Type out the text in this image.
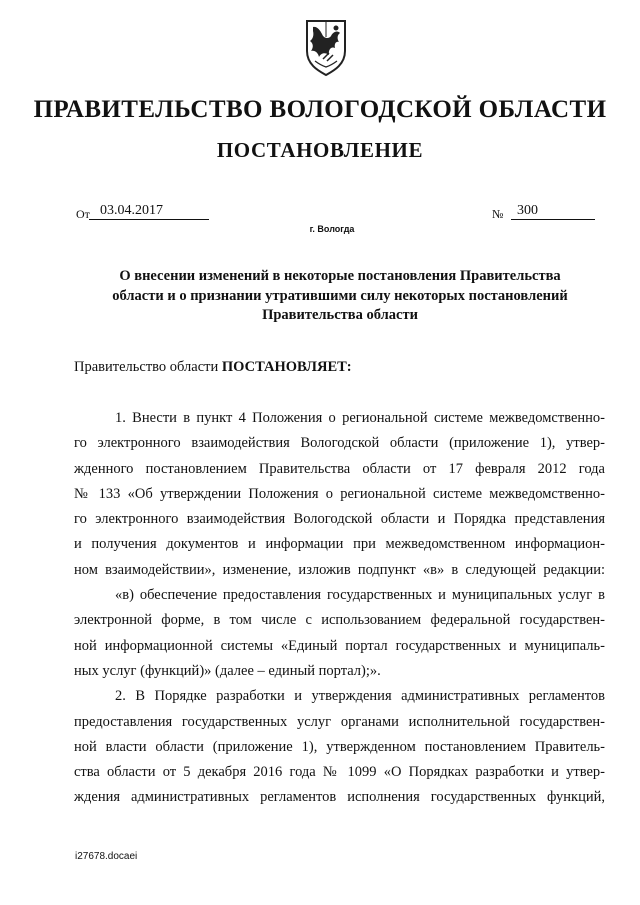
ПРАВИТЕЛЬСТВО ВОЛОГОДСКОЙ ОБЛАСТИ
ПОСТАНОВЛЕНИЕ
От 03.04.2017	№ 300
г. Вологда
О внесении изменений в некоторые постановления Правительства
области и о признании утратившими силу некоторых постановлений
Правительства области
Правительство области ПОСТАНОВЛЯЕТ:
1. Внести в пункт 4 Положения о региональной системе межведомственно-
го электронного взаимодействия Вологодской области (приложение 1), утвер-
жденного постановлением Правительства области от 17 февраля 2012 года
№ 133 «Об утверждении Положения о региональной системе межведомственно-
го электронного взаимодействия Вологодской области и Порядка представления
и получения документов и информации при межведомственном информацион-
ном взаимодействии», изменение, изложив подпункт «в» в следующей редакции:
«в) обеспечение предоставления государственных и муниципальных услуг в
электронной форме, в том числе с использованием федеральной государствен-
ной информационной системы «Единый портал государственных и муниципаль-
ных услуг (функций)» (далее – единый портал);».
2. В Порядке разработки и утверждения административных регламентов
предоставления государственных услуг органами исполнительной государствен-
ной власти области (приложение 1), утвержденном постановлением Правитель-
ства области от 5 декабря 2016 года № 1099 «О Порядках разработки и утвер-
ждения административных регламентов исполнения государственных функций,
i27678.docaei
